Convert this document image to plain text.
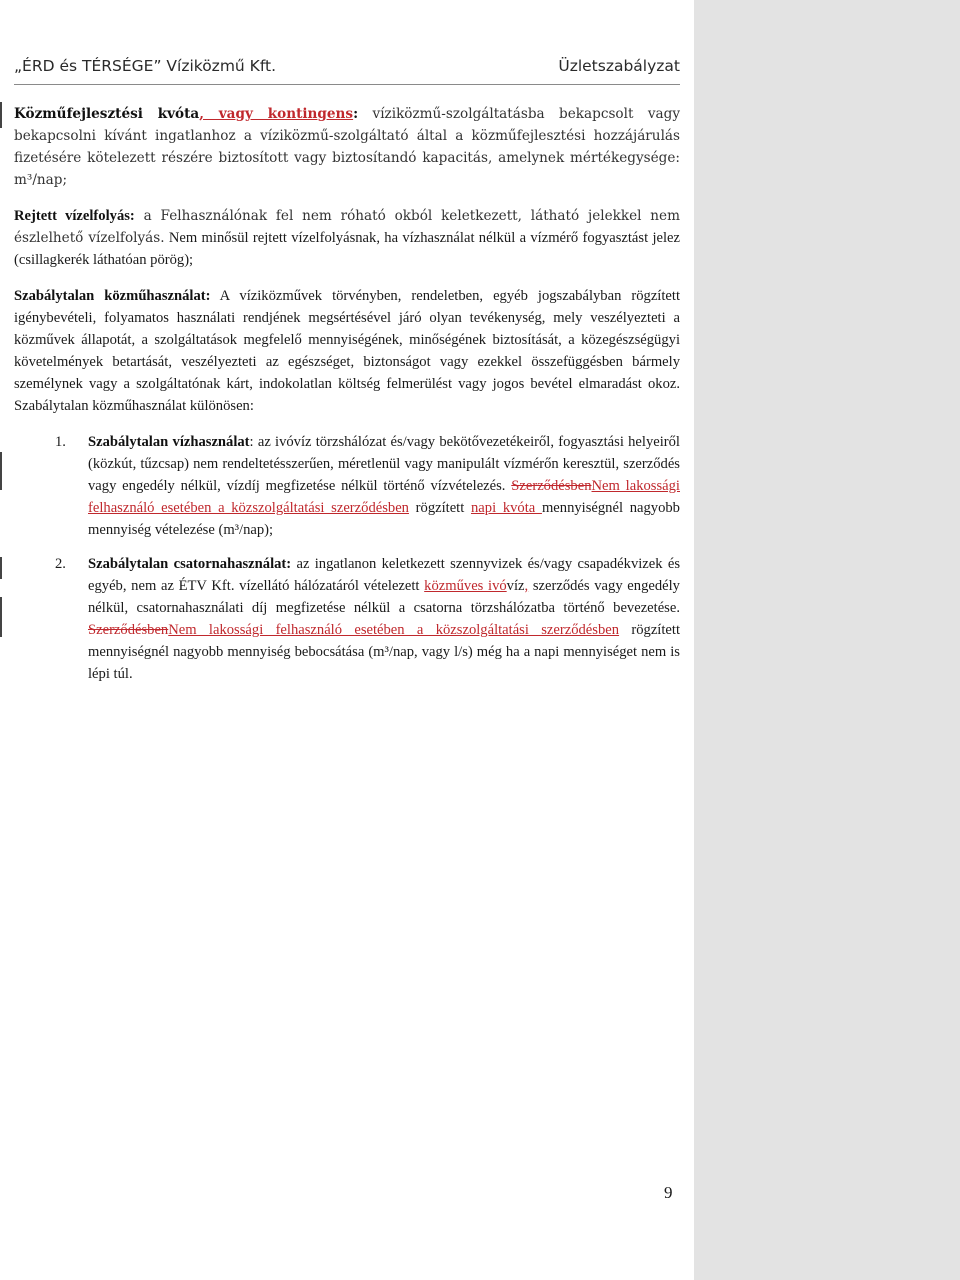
„ÉRD és TÉRSÉGE” Víziközmű Kft.	Üzletszabályzat

Közműfejlesztési kvóta, vagy kontingens: víziközmű-szolgáltatásba bekapcsolt vagy bekapcsolni kívánt ingatlanhoz a víziközmű-szolgáltató által a közműfejlesztési hozzájárulás fizetésére kötelezett részére biztosított vagy biztosítandó kapacitás, amelynek mértékegysége: m³/nap;

Rejtett vízelfolyás: a Felhasználónak fel nem róható okból keletkezett, látható jelekkel nem észlelhető vízelfolyás. Nem minősül rejtett vízelfolyásnak, ha vízhasználat nélkül a vízmérő fogyasztást jelez (csillagkerék láthatóan pörög);

Szabálytalan közműhasználat: A víziközművek törvényben, rendeletben, egyéb jogszabályban rögzített igénybevételi, folyamatos használati rendjének megsértésével járó olyan tevékenység, mely veszélyezteti a közművek állapotát, a szolgáltatások megfelelő mennyiségének, minőségének biztosítását, a közegészségügyi követelmények betartását, veszélyezteti az egészséget, biztonságot vagy ezekkel összefüggésben bármely személynek vagy a szolgáltatónak kárt, indokolatlan költség felmerülést vagy jogos bevétel elmaradást okoz. Szabálytalan közműhasználat különösen:

1. Szabálytalan vízhasználat: az ivóvíz törzshálózat és/vagy bekötővezetékeiről, fogyasztási helyeiről (közkút, tűzcsap) nem rendeltetésszerűen, méretlenül vagy manipulált vízmérőn keresztül, szerződés vagy engedély nélkül, vízdíj megfizetése nélkül történő vízvételezés. SzerződésbenNem lakossági felhasználó esetében a közszolgáltatási szerződésben rögzített napi kvóta mennyiségnél nagyobb mennyiség vételezése (m³/nap);

2. Szabálytalan csatornahasználat: az ingatlanon keletkezett szennyvizek és/vagy csapadékvizek és egyéb, nem az ÉTV Kft. vízellátó hálózatáról vételezett közműves ivóvíz, szerződés vagy engedély nélkül, csatornahasználati díj megfizetése nélkül a csatorna törzshálózatba történő bevezetése. SzerződésbenNem lakossági felhasználó esetében a közszolgáltatási szerződésben rögzített mennyiségnél nagyobb mennyiség bebocsátása (m³/nap, vagy l/s) még ha a napi mennyiséget nem is lépi túl.

9
